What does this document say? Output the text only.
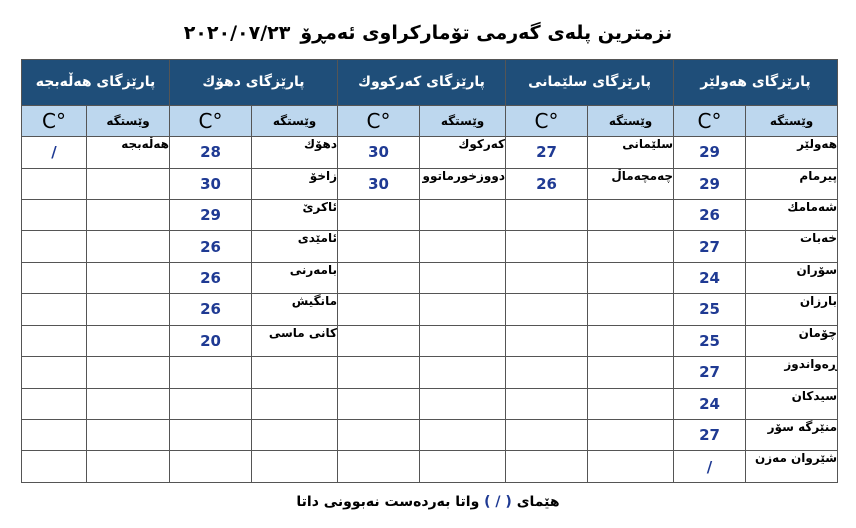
نزمترین پلەی گەرمی تۆمارکراوی ئەمڕۆ
٢٠٢٠/٠٧/٢٣
پارێزگای هەولێر		پارێزگای سلێمانی		پارێزگای کەرکووك		پارێزگای دهۆك		پارێزگای هەڵەبجە	
وێستگە	°C	وێستگە	°C	وێستگە	°C	وێستگە	°C	وێستگە	°C
هەولێر	29	سلێمانی	27	كەركوك	30	دهۆك	28	هەڵەبجە	/
پیرمام	29	چەمچەماڵ	26	دووزخورماتوو	30	زاخۆ	30		
شەمامك	26					ئاكرێ	29		
خەبات	27					ئامێدی	26		
سۆران	24					بامەرنی	26		
بارزان	25					مانگیش	26		
چۆمان	25					كانی ماسی	20		
ڕەواندوز	27								
سیدكان	24								
منێرگە سۆر	27								
شێروان مەزن	/								
هێمای ( / ) واتا بەردەست نەبوونی داتا
